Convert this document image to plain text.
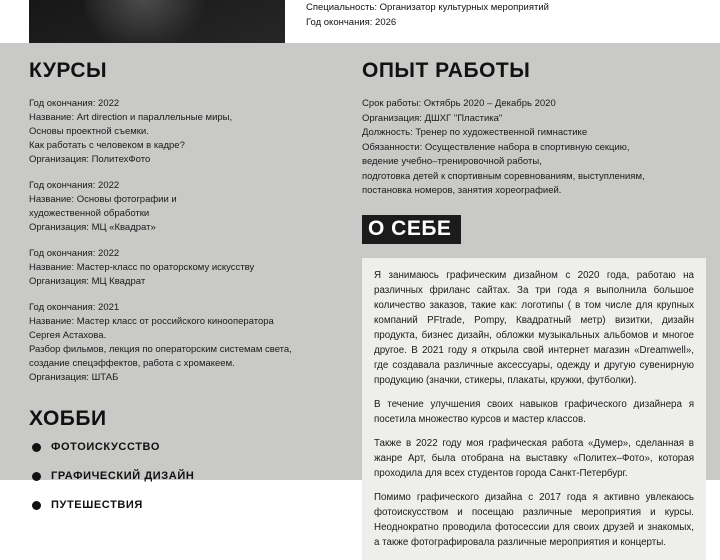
Специальность: Организатор культурных мероприятий
Год окончания: 2026
КУРСЫ
Год окончания: 2022
Название: Art direction и параллельные миры,
Основы проектной съемки.
Как работать с человеком в кадре?
Организация: ПолитехФото
Год окончания: 2022
Название: Основы фотографии и
художественной обработки
Организация: МЦ «Квадрат»
Год окончания: 2022
Название: Мастер-класс по ораторскому искусству
Организация: МЦ Квадрат
Год окончания: 2021
Название: Мастер класс от российского кинооператора
Сергея Астахова.
Разбор фильмов, лекция по операторским системам света,
создание спецэффектов, работа с хромакеем.
Организация: ШТАБ
ХОББИ
ФОТОИСКУССТВО
ГРАФИЧЕСКИЙ ДИЗАЙН
ПУТЕШЕСТВИЯ
ОПЫТ РАБОТЫ
Срок работы: Октябрь 2020 – Декабрь 2020
Организация: ДШХГ "Пластика"
Должность: Тренер по художественной гимнастике
Обязанности: Осуществление набора в спортивную секцию,
ведение учебно–тренировочной работы,
подготовка детей к спортивным соревнованиям, выступлениям,
постановка номеров, занятия хореографией.
О СЕБЕ

Я занимаюсь графическим дизайном с 2020 года, работаю на различных фриланс сайтах. За три года я выполнила большое количество заказов, такие как: логотипы ( в том числе для крупных компаний PFtrade, Pompy, Квадратный метр) визитки, дизайн продукта, бизнес дизайн, обложки музыкальных альбомов и многое другое. В 2021 году я открыла свой интернет магазин «Dreamwell», где создавала различные аксессуары, одежду и другую сувенирную продукцию (значки, стикеры, плакаты, кружки, футболки).

В течение улучшения своих навыков графического дизайнера я посетила множество курсов и мастер классов.

Также в 2022 году моя графическая работа «Думер», сделанная в жанре Арт, была отобрана на выставку «Политех–Фото», которая проходила для всех студентов города Санкт-Петербург.

Помимо графического дизайна с 2017 года я активно увлекаюсь фотоискусством и посещаю различные мероприятия и курсы. Неоднократно проводила фотосессии для своих друзей и знакомых, а также фотографировала различные мероприятия и концерты.
